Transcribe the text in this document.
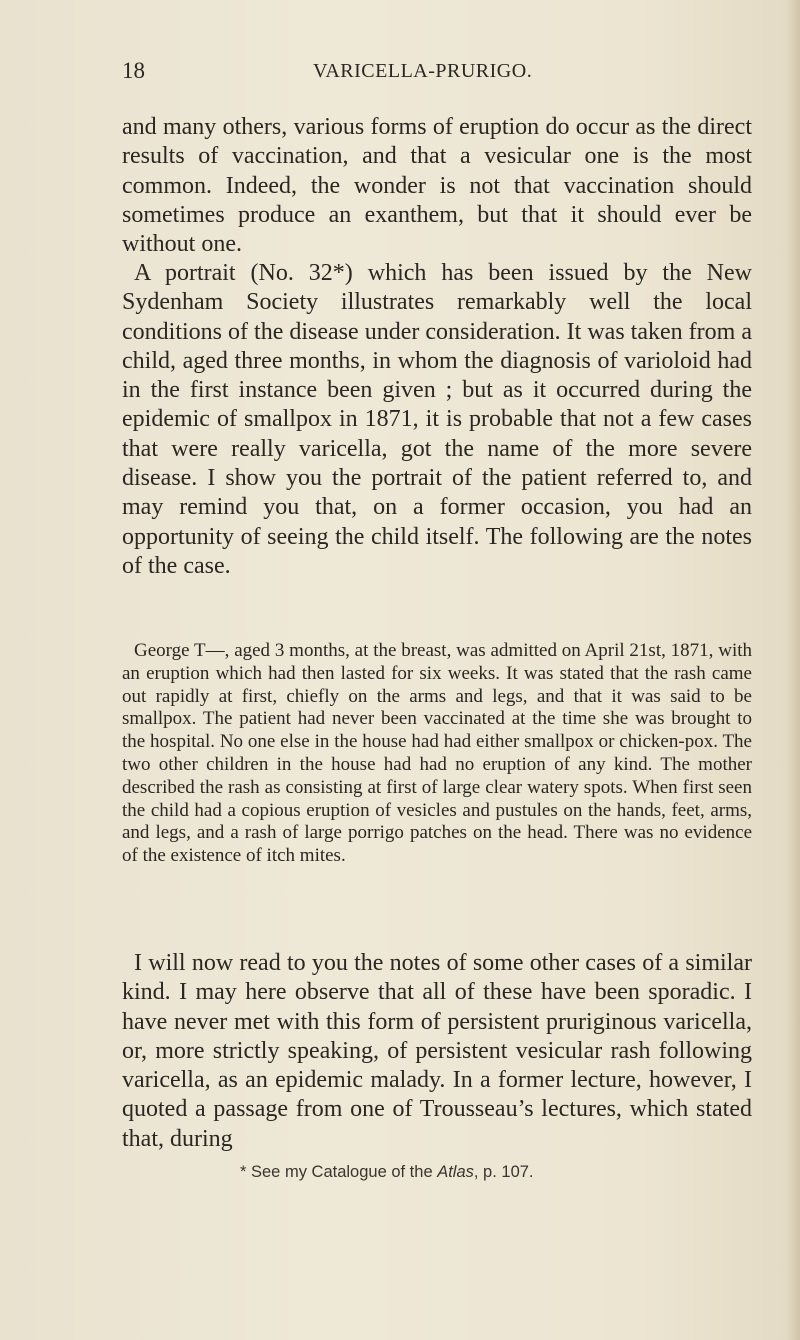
18	VARICELLA-PRURIGO.

and many others, various forms of eruption do occur as the direct results of vaccination, and that a vesicular one is the most common. Indeed, the wonder is not that vaccination should sometimes produce an exanthem, but that it should ever be without one.

A portrait (No. 32*) which has been issued by the New Sydenham Society illustrates remarkably well the local conditions of the disease under consideration. It was taken from a child, aged three months, in whom the diagnosis of varioloid had in the first instance been given ; but as it occurred during the epidemic of smallpox in 1871, it is probable that not a few cases that were really varicella, got the name of the more severe disease. I show you the portrait of the patient referred to, and may remind you that, on a former occasion, you had an opportunity of seeing the child itself. The following are the notes of the case.

George T—, aged 3 months, at the breast, was admitted on April 21st, 1871, with an eruption which had then lasted for six weeks. It was stated that the rash came out rapidly at first, chiefly on the arms and legs, and that it was said to be smallpox. The patient had never been vaccinated at the time she was brought to the hospital. No one else in the house had had either smallpox or chicken-pox. The two other children in the house had had no eruption of any kind. The mother described the rash as consisting at first of large clear watery spots. When first seen the child had a copious eruption of vesicles and pustules on the hands, feet, arms, and legs, and a rash of large porrigo patches on the head. There was no evidence of the existence of itch mites.

I will now read to you the notes of some other cases of a similar kind. I may here observe that all of these have been sporadic. I have never met with this form of persistent pruriginous varicella, or, more strictly speaking, of persistent vesicular rash following varicella, as an epidemic malady. In a former lecture, however, I quoted a passage from one of Trousseau’s lectures, which stated that, during

* See my Catalogue of the Atlas, p. 107.
